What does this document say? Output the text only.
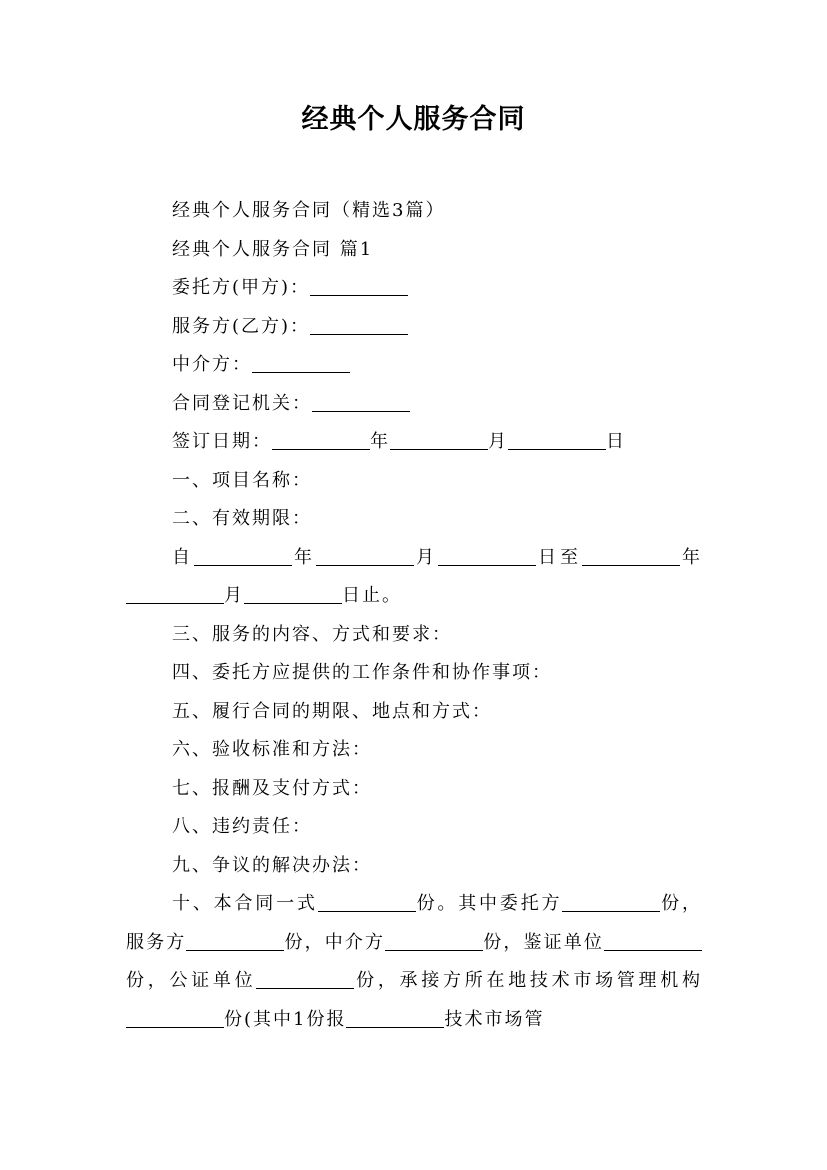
经典个人服务合同

经典个人服务合同（精选3篇）

经典个人服务合同 篇1

委托方(甲方)：

服务方(乙方)：

中介方：

合同登记机关：

签订日期：	年	月	日

一、项目名称：

二、有效期限：

自	年	月	日至	年月	日止。

三、服务的内容、方式和要求：

四、委托方应提供的工作条件和协作事项：

五、履行合同的期限、地点和方式：

六、验收标准和方法：

七、报酬及支付方式：

八、违约责任：

九、争议的解决办法：

十、本合同一式	份。其中委托方	份，服务方	份，中介方	份，鉴证单位份，公证单位	份，承接方所在地技术市场管理机构份(其中1份报	技术市场管
